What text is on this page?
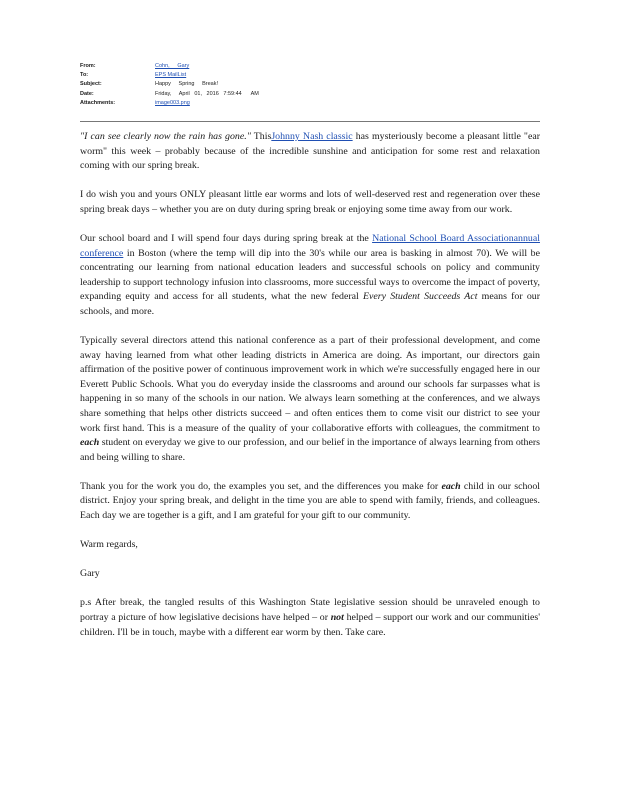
From:	Cohn,     Gary
To:	EPS MailList
Subject:	Happy     Spring     Break!
Date:	Friday,     April   01,   2016   7:59:44      AM
Attachments:	image003.png

"I can see clearly now the rain has gone." ThisJohnny Nash classic has mysteriously become a pleasant little "ear worm" this week – probably because of the incredible sunshine and anticipation for some rest and relaxation coming with our spring break.

I do wish you and yours ONLY pleasant little ear worms and lots of well-deserved rest and regeneration over these spring break days – whether you are on duty during spring break or enjoying some time away from our work.

Our school board and I will spend four days during spring break at the National School Board Associationannual conference in Boston (where the temp will dip into the 30's while our area is basking in almost 70). We will be concentrating our learning from national education leaders and successful schools on policy and community leadership to support technology infusion into classrooms, more successful ways to overcome the impact of poverty, expanding equity and access for all students, what the new federal Every Student Succeeds Act means for our schools, and more.

Typically several directors attend this national conference as a part of their professional development, and come away having learned from what other leading districts in America are doing. As important, our directors gain affirmation of the positive power of continuous improvement work in which we're successfully engaged here in our Everett Public Schools. What you do everyday inside the classrooms and around our schools far surpasses what is happening in so many of the schools in our nation. We always learn something at the conferences, and we always share something that helps other districts succeed – and often entices them to come visit our district to see your work first hand. This is a measure of the quality of your collaborative efforts with colleagues, the commitment to each student on everyday we give to our profession, and our belief in the importance of always learning from others and being willing to share.

Thank you for the work you do, the examples you set, and the differences you make for each child in our school district. Enjoy your spring break, and delight in the time you are able to spend with family, friends, and colleagues. Each day we are together is a gift, and I am grateful for your gift to our community.

Warm regards,
Gary

p.s After break, the tangled results of this Washington State legislative session should be unraveled enough to portray a picture of how legislative decisions have helped – or not helped – support our work and our communities' children. I'll be in touch, maybe with a different ear worm by then. Take care.
